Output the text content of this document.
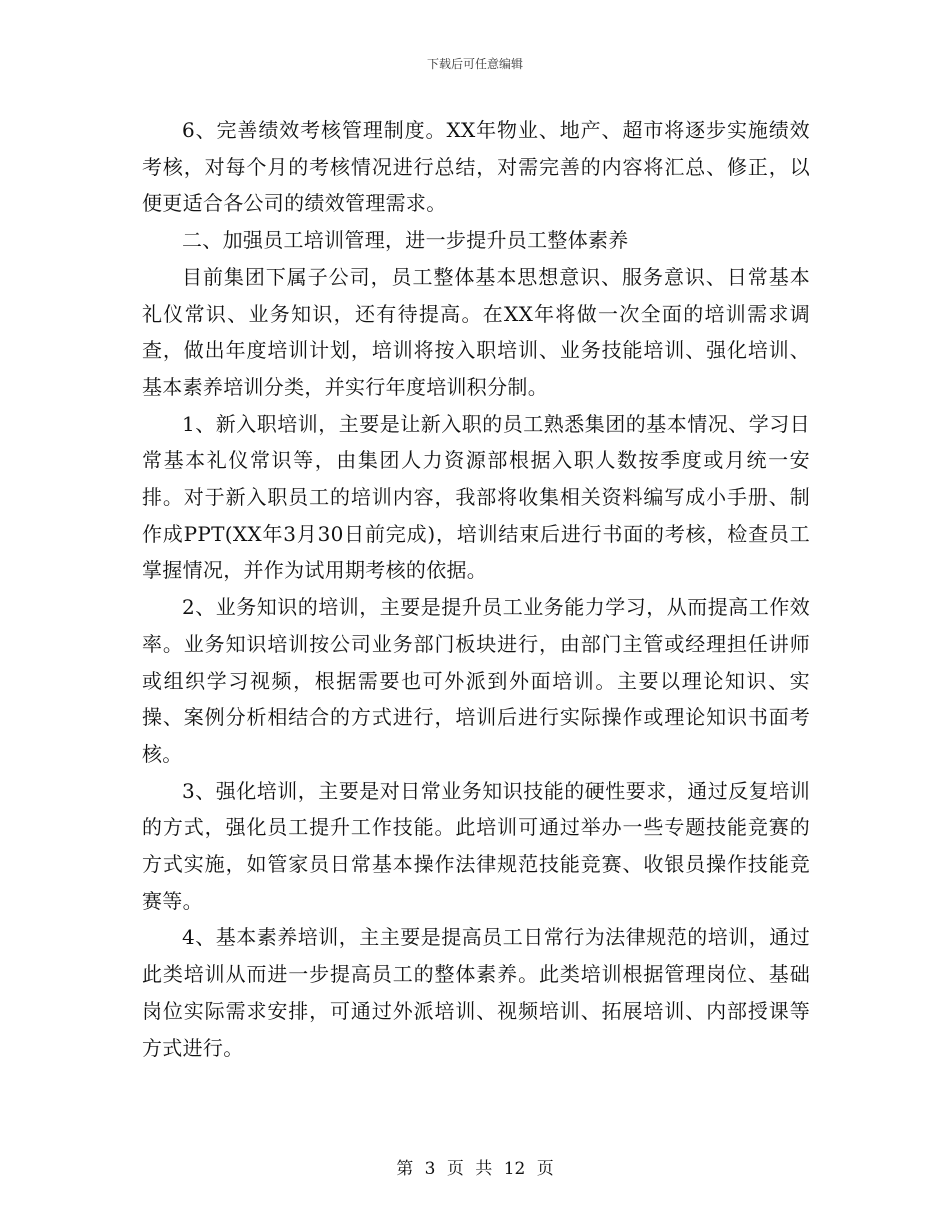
下载后可任意编辑

6、完善绩效考核管理制度。XX年物业、地产、超市将逐步实施绩效考核，对每个月的考核情况进行总结，对需完善的内容将汇总、修正，以便更适合各公司的绩效管理需求。

二、加强员工培训管理，进一步提升员工整体素养

目前集团下属子公司，员工整体基本思想意识、服务意识、日常基本礼仪常识、业务知识，还有待提高。在XX年将做一次全面的培训需求调查，做出年度培训计划，培训将按入职培训、业务技能培训、强化培训、基本素养培训分类，并实行年度培训积分制。

1、新入职培训，主要是让新入职的员工熟悉集团的基本情况、学习日常基本礼仪常识等，由集团人力资源部根据入职人数按季度或月统一安排。对于新入职员工的培训内容，我部将收集相关资料编写成小手册、制作成PPT(XX年3月30日前完成)，培训结束后进行书面的考核，检查员工掌握情况，并作为试用期考核的依据。

2、业务知识的培训，主要是提升员工业务能力学习，从而提高工作效率。业务知识培训按公司业务部门板块进行，由部门主管或经理担任讲师或组织学习视频，根据需要也可外派到外面培训。主要以理论知识、实操、案例分析相结合的方式进行，培训后进行实际操作或理论知识书面考核。

3、强化培训，主要是对日常业务知识技能的硬性要求，通过反复培训的方式，强化员工提升工作技能。此培训可通过举办一些专题技能竞赛的方式实施，如管家员日常基本操作法律规范技能竞赛、收银员操作技能竞赛等。

4、基本素养培训，主主要是提高员工日常行为法律规范的培训，通过此类培训从而进一步提高员工的整体素养。此类培训根据管理岗位、基础岗位实际需求安排，可通过外派培训、视频培训、拓展培训、内部授课等方式进行。

第 3 页 共 12 页
